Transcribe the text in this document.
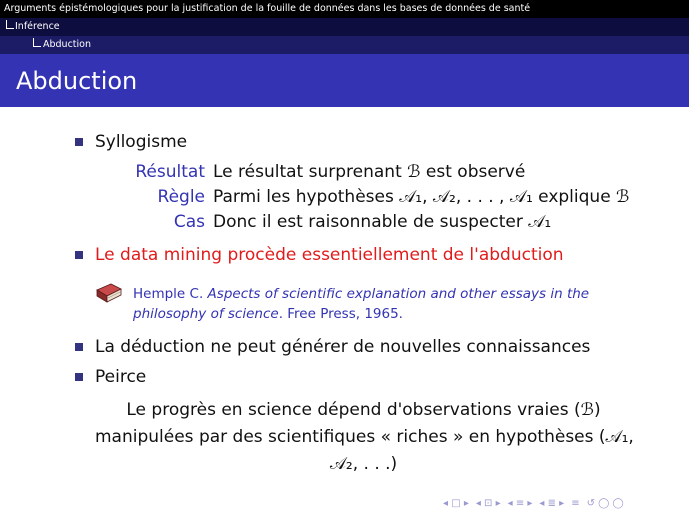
Arguments épistémologiques pour la justification de la fouille de données dans les bases de données de santé
Inférence
Abduction
Abduction
Syllogisme
Résultat Le résultat surprenant ℬ est observé
Règle Parmi les hypothèses 𝒜₁, 𝒜₂, . . . , 𝒜₁ explique ℬ
Cas Donc il est raisonnable de suspecter 𝒜₁
Le data mining procède essentiellement de l'abduction
Hemple C. Aspects of scientific explanation and other essays in the
philosophy of science. Free Press, 1965.
La déduction ne peut générer de nouvelles connaissances
Peirce
Le progrès en science dépend d'observations vraies (ℬ)
manipulées par des scientifiques « riches » en hypothèses (𝒜₁,
𝒜₂, . . .)
◂ □ ▸ ◂ ⊡ ▸ ◂ ≡ ▸ ◂ ≣ ▸ ≡ ↺ ◯ ◯
